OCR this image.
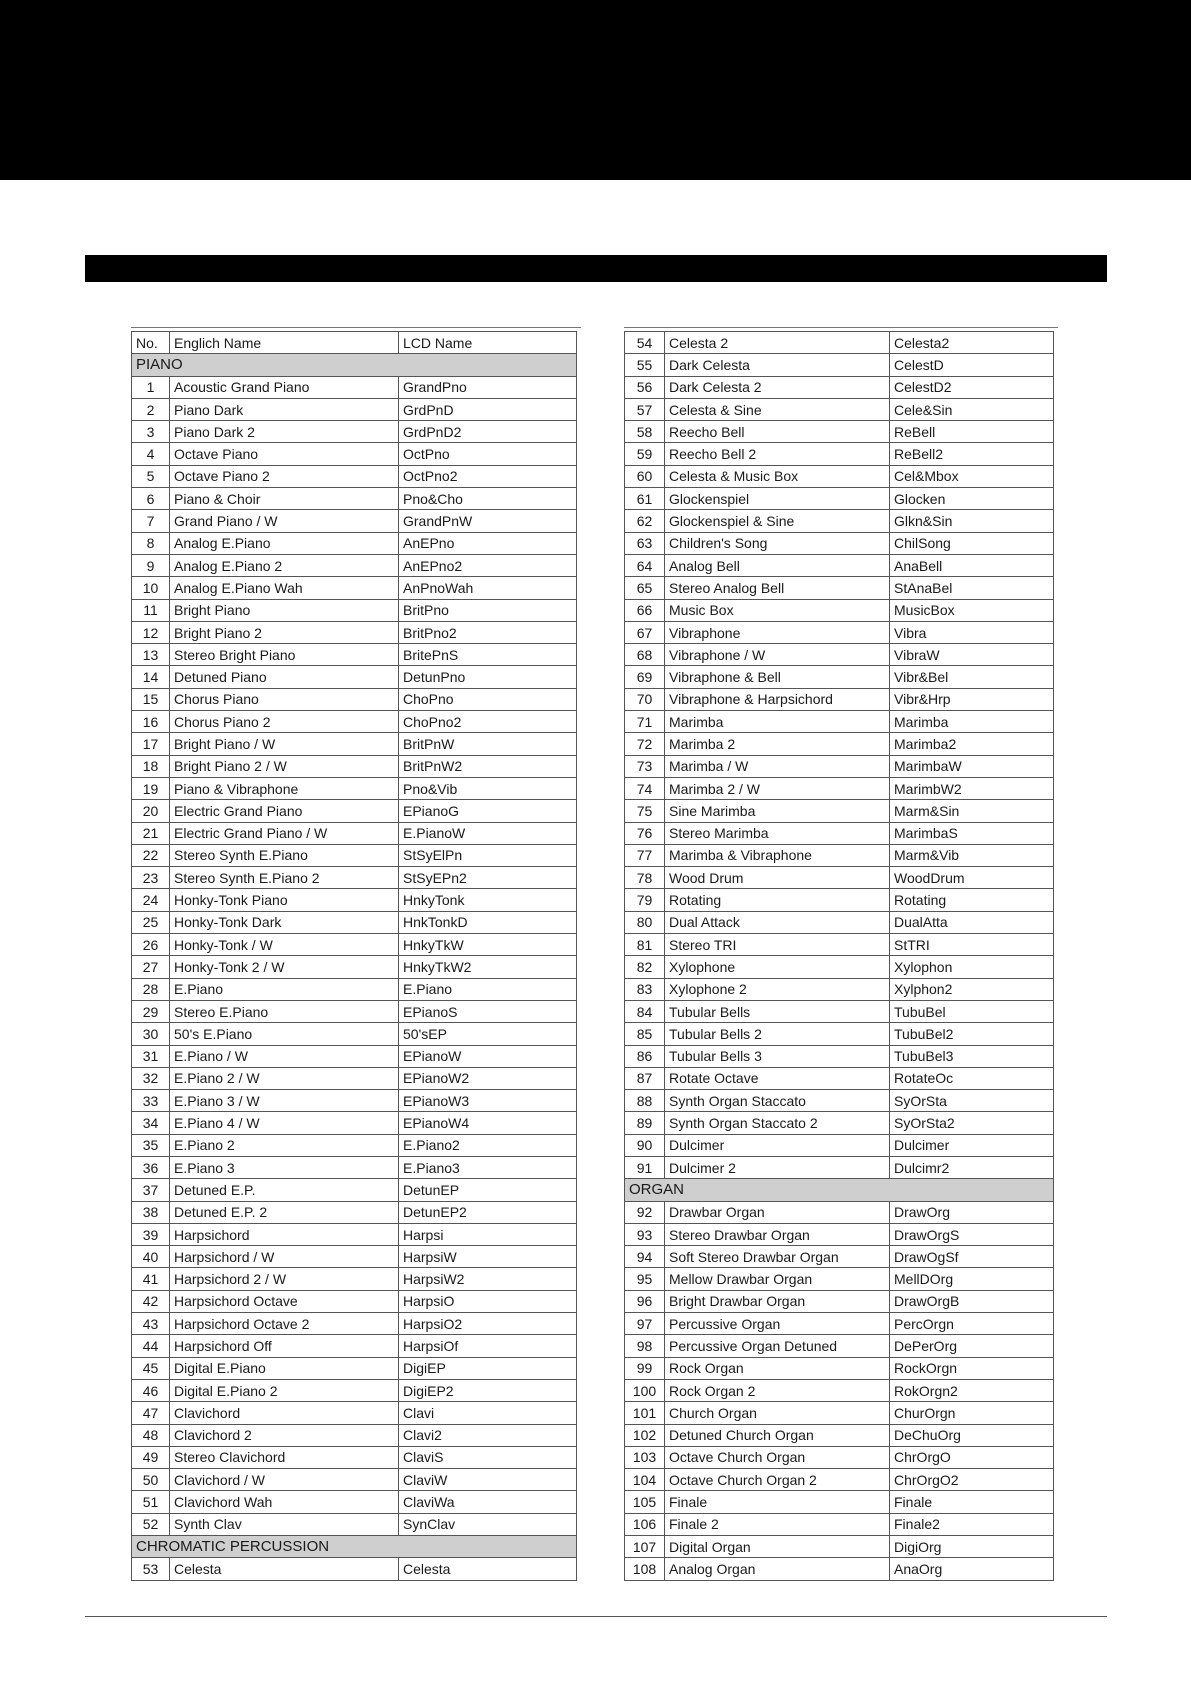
No.	Englich Name	LCD Name
PIANO		
1	Acoustic Grand Piano	GrandPno
2	Piano Dark	GrdPnD
3	Piano Dark 2	GrdPnD2
4	Octave Piano	OctPno
5	Octave Piano 2	OctPno2
6	Piano & Choir	Pno&Cho
7	Grand Piano / W	GrandPnW
8	Analog E.Piano	AnEPno
9	Analog E.Piano 2	AnEPno2
10	Analog E.Piano Wah	AnPnoWah
11	Bright Piano	BritPno
12	Bright Piano 2	BritPno2
13	Stereo Bright Piano	BritePnS
14	Detuned Piano	DetunPno
15	Chorus Piano	ChoPno
16	Chorus Piano 2	ChoPno2
17	Bright Piano / W	BritPnW
18	Bright Piano 2 / W	BritPnW2
19	Piano & Vibraphone	Pno&Vib
20	Electric Grand Piano	EPianoG
21	Electric Grand Piano / W	E.PianoW
22	Stereo Synth E.Piano	StSyElPn
23	Stereo Synth E.Piano 2	StSyEPn2
24	Honky-Tonk Piano	HnkyTonk
25	Honky-Tonk Dark	HnkTonkD
26	Honky-Tonk / W	HnkyTkW
27	Honky-Tonk 2 / W	HnkyTkW2
28	E.Piano	E.Piano
29	Stereo E.Piano	EPianoS
30	50's E.Piano	50'sEP
31	E.Piano / W	EPianoW
32	E.Piano 2 / W	EPianoW2
33	E.Piano 3 / W	EPianoW3
34	E.Piano 4 / W	EPianoW4
35	E.Piano 2	E.Piano2
36	E.Piano 3	E.Piano3
37	Detuned E.P.	DetunEP
38	Detuned E.P. 2	DetunEP2
39	Harpsichord	Harpsi
40	Harpsichord / W	HarpsiW
41	Harpsichord 2 / W	HarpsiW2
42	Harpsichord Octave	HarpsiO
43	Harpsichord Octave 2	HarpsiO2
44	Harpsichord Off	HarpsiOf
45	Digital E.Piano	DigiEP
46	Digital E.Piano 2	DigiEP2
47	Clavichord	Clavi
48	Clavichord 2	Clavi2
49	Stereo Clavichord	ClaviS
50	Clavichord / W	ClaviW
51	Clavichord Wah	ClaviWa
52	Synth Clav	SynClav
CHROMATIC PERCUSSION		
53	Celesta	Celesta
54	Celesta 2	Celesta2
55	Dark Celesta	CelestD
56	Dark Celesta 2	CelestD2
57	Celesta & Sine	Cele&Sin
58	Reecho Bell	ReBell
59	Reecho Bell 2	ReBell2
60	Celesta & Music Box	Cel&Mbox
61	Glockenspiel	Glocken
62	Glockenspiel & Sine	Glkn&Sin
63	Children's Song	ChilSong
64	Analog Bell	AnaBell
65	Stereo Analog Bell	StAnaBel
66	Music Box	MusicBox
67	Vibraphone	Vibra
68	Vibraphone / W	VibraW
69	Vibraphone & Bell	Vibr&Bel
70	Vibraphone & Harpsichord	Vibr&Hrp
71	Marimba	Marimba
72	Marimba 2	Marimba2
73	Marimba / W	MarimbaW
74	Marimba 2 / W	MarimbW2
75	Sine Marimba	Marm&Sin
76	Stereo Marimba	MarimbaS
77	Marimba & Vibraphone	Marm&Vib
78	Wood Drum	WoodDrum
79	Rotating	Rotating
80	Dual Attack	DualAtta
81	Stereo TRI	StTRI
82	Xylophone	Xylophon
83	Xylophone 2	Xylphon2
84	Tubular Bells	TubuBel
85	Tubular Bells 2	TubuBel2
86	Tubular Bells 3	TubuBel3
87	Rotate Octave	RotateOc
88	Synth Organ Staccato	SyOrSta
89	Synth Organ Staccato 2	SyOrSta2
90	Dulcimer	Dulcimer
91	Dulcimer 2	Dulcimr2
ORGAN		
92	Drawbar Organ	DrawOrg
93	Stereo Drawbar Organ	DrawOrgS
94	Soft Stereo Drawbar Organ	DrawOgSf
95	Mellow Drawbar Organ	MellDOrg
96	Bright Drawbar Organ	DrawOrgB
97	Percussive Organ	PercOrgn
98	Percussive Organ Detuned	DePerOrg
99	Rock Organ	RockOrgn
100	Rock Organ 2	RokOrgn2
101	Church Organ	ChurOrgn
102	Detuned Church Organ	DeChuOrg
103	Octave Church Organ	ChrOrgO
104	Octave Church Organ 2	ChrOrgO2
105	Finale	Finale
106	Finale 2	Finale2
107	Digital Organ	DigiOrg
108	Analog Organ	AnaOrg
